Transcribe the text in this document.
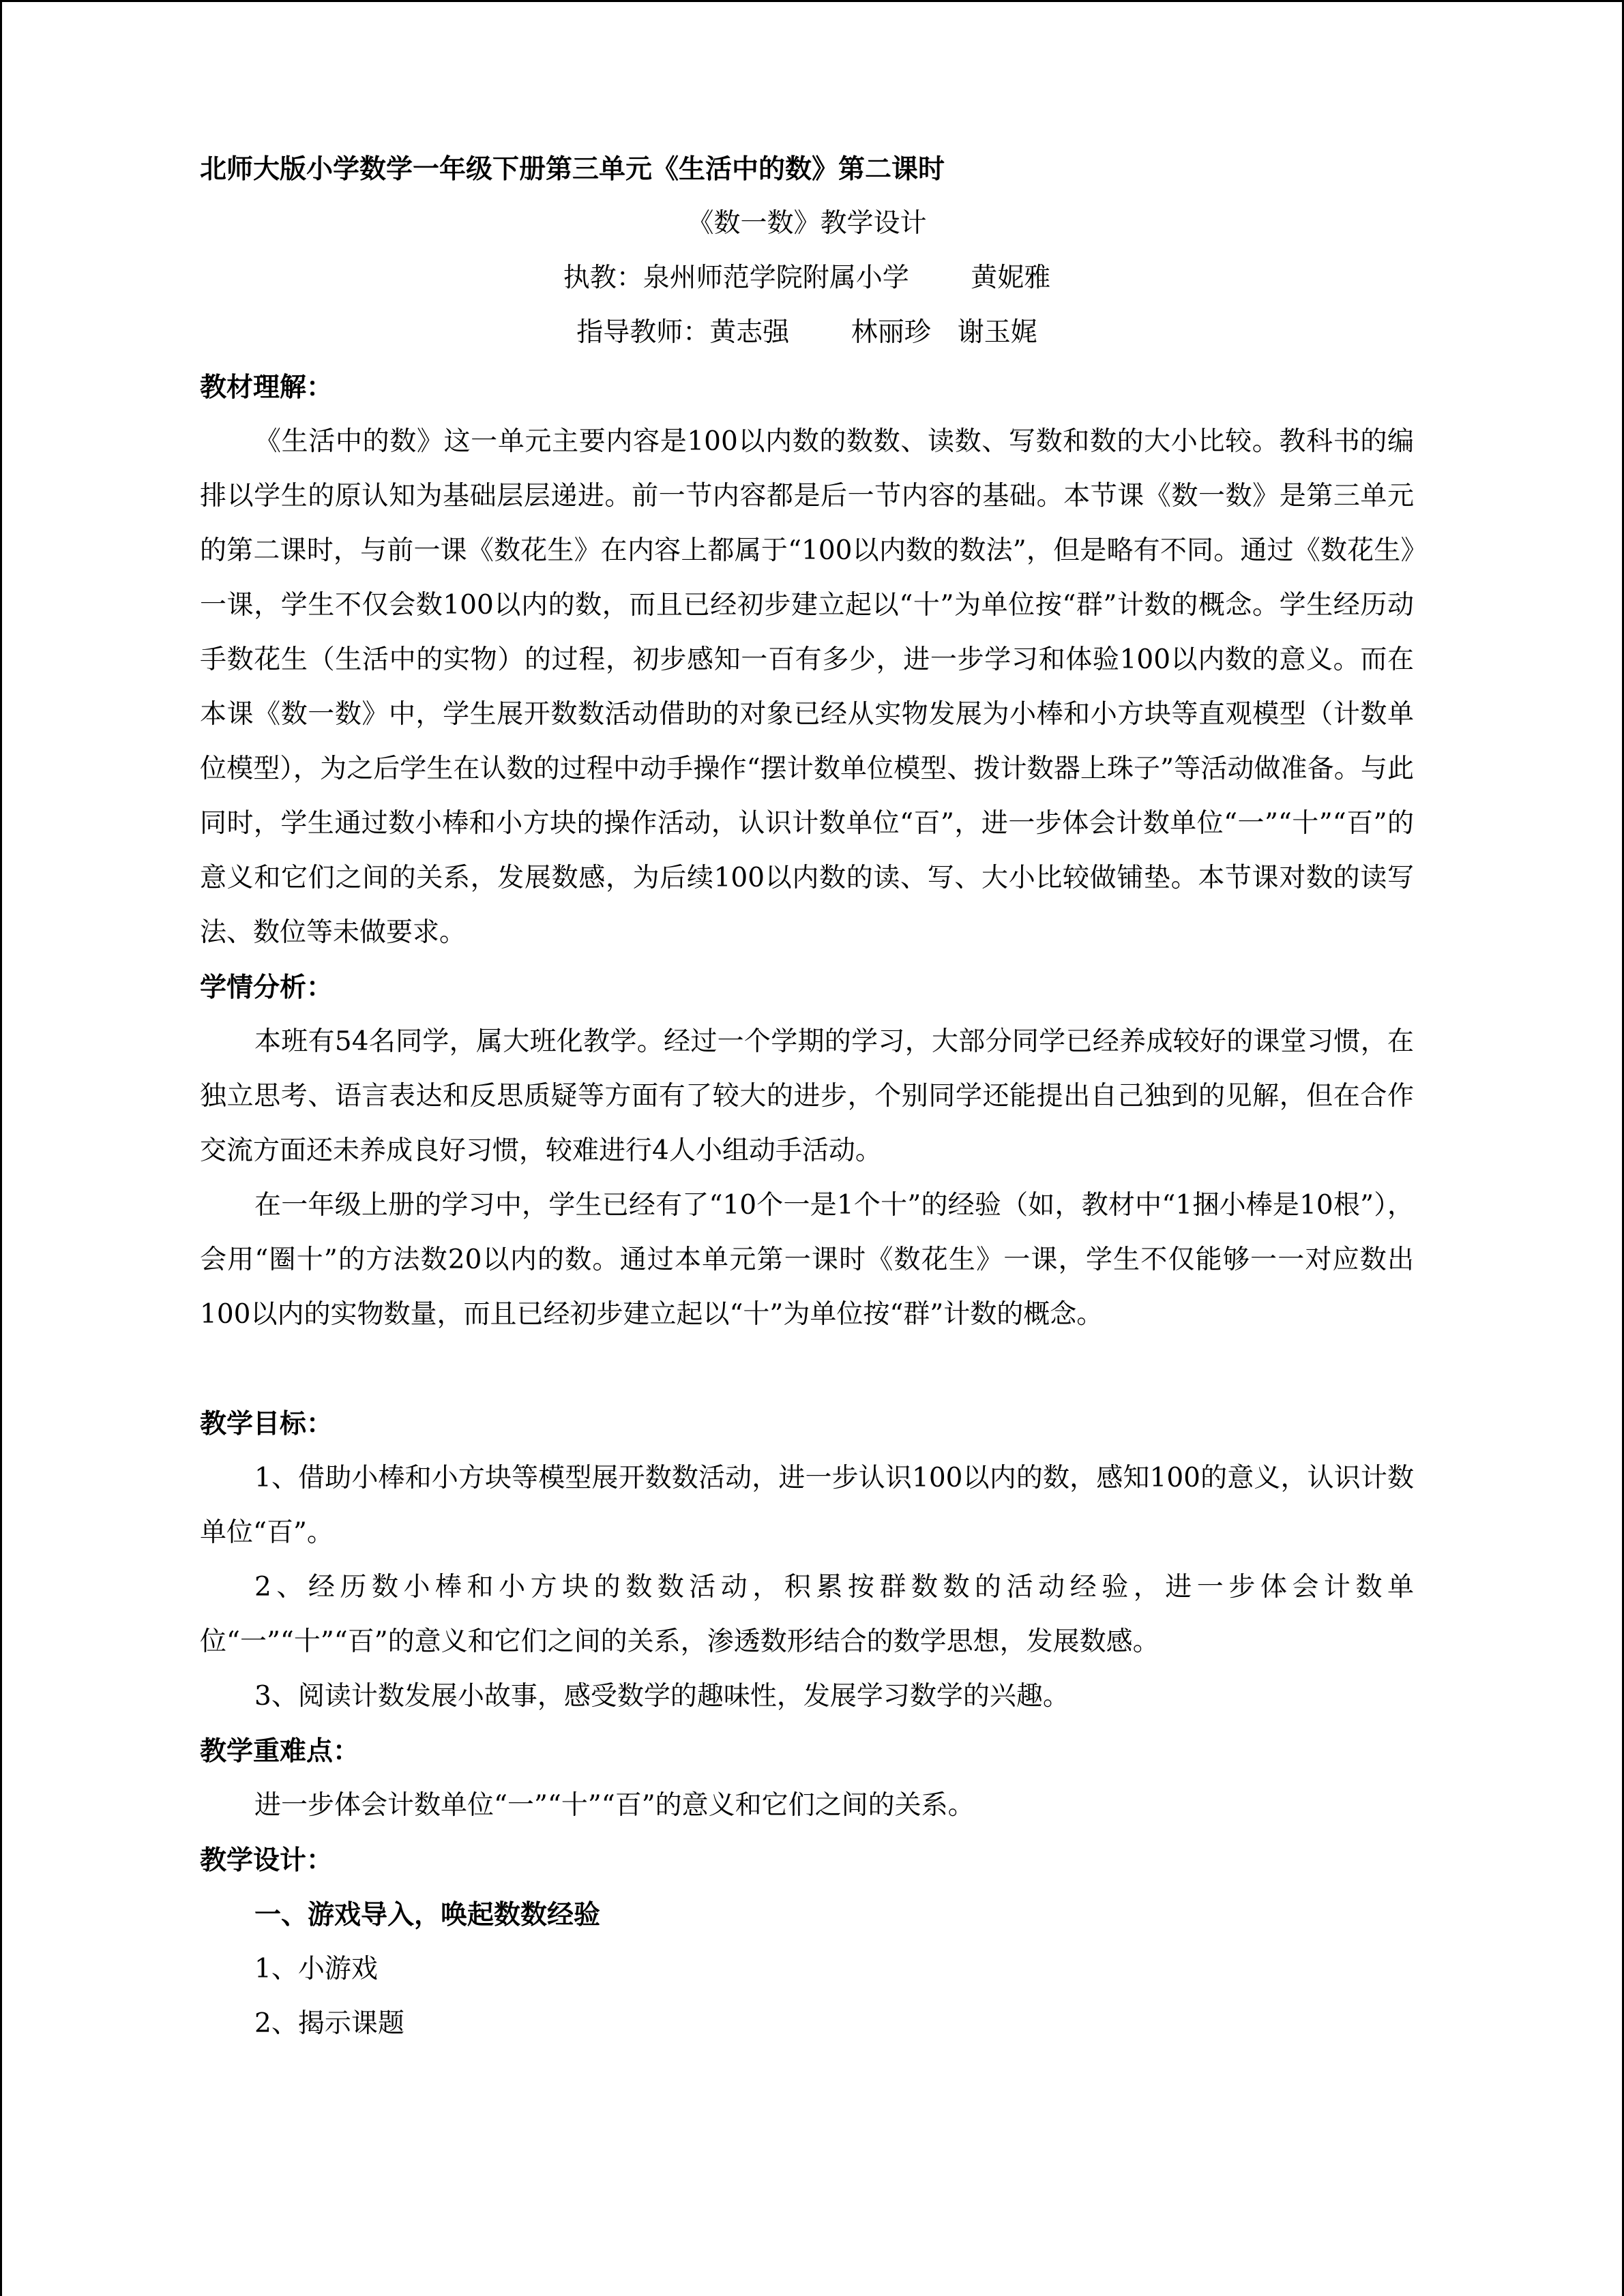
北师大版小学数学一年级下册第三单元《生活中的数》第二课时
《数一数》教学设计
执教：泉州师范学院附属小学　　 黄妮雅
指导教师：黄志强　　 林丽珍　谢玉娓
教材理解：
《生活中的数》这一单元主要内容是100以内数的数数、读数、写数和数的大小比较。教科书的编排以学生的原认知为基础层层递进。前一节内容都是后一节内容的基础。本节课《数一数》是第三单元的第二课时，与前一课《数花生》在内容上都属于“100以内数的数法”，但是略有不同。通过《数花生》一课，学生不仅会数100以内的数，而且已经初步建立起以“十”为单位按“群”计数的概念。学生经历动手数花生（生活中的实物）的过程，初步感知一百有多少，进一步学习和体验100以内数的意义。而在本课《数一数》中，学生展开数数活动借助的对象已经从实物发展为小棒和小方块等直观模型（计数单位模型），为之后学生在认数的过程中动手操作“摆计数单位模型、拨计数器上珠子”等活动做准备。与此同时，学生通过数小棒和小方块的操作活动，认识计数单位“百”，进一步体会计数单位“一”“十”“百”的意义和它们之间的关系，发展数感，为后续100以内数的读、写、大小比较做铺垫。本节课对数的读写法、数位等未做要求。
学情分析：
本班有54名同学，属大班化教学。经过一个学期的学习，大部分同学已经养成较好的课堂习惯，在独立思考、语言表达和反思质疑等方面有了较大的进步，个别同学还能提出自己独到的见解，但在合作交流方面还未养成良好习惯，较难进行4人小组动手活动。
在一年级上册的学习中，学生已经有了“10个一是1个十”的经验（如，教材中“1捆小棒是10根”），会用“圈十”的方法数20以内的数。通过本单元第一课时《数花生》一课，学生不仅能够一一对应数出100以内的实物数量，而且已经初步建立起以“十”为单位按“群”计数的概念。
教学目标：
1、借助小棒和小方块等模型展开数数活动，进一步认识100以内的数，感知100的意义，认识计数单位“百”。
2、经历数小棒和小方块的数数活动，积累按群数数的活动经验，进一步体会计数单位“一”“十”“百”的意义和它们之间的关系，渗透数形结合的数学思想，发展数感。
3、阅读计数发展小故事，感受数学的趣味性，发展学习数学的兴趣。
教学重难点：
进一步体会计数单位“一”“十”“百”的意义和它们之间的关系。
教学设计：
一、游戏导入，唤起数数经验
1、小游戏
2、揭示课题
